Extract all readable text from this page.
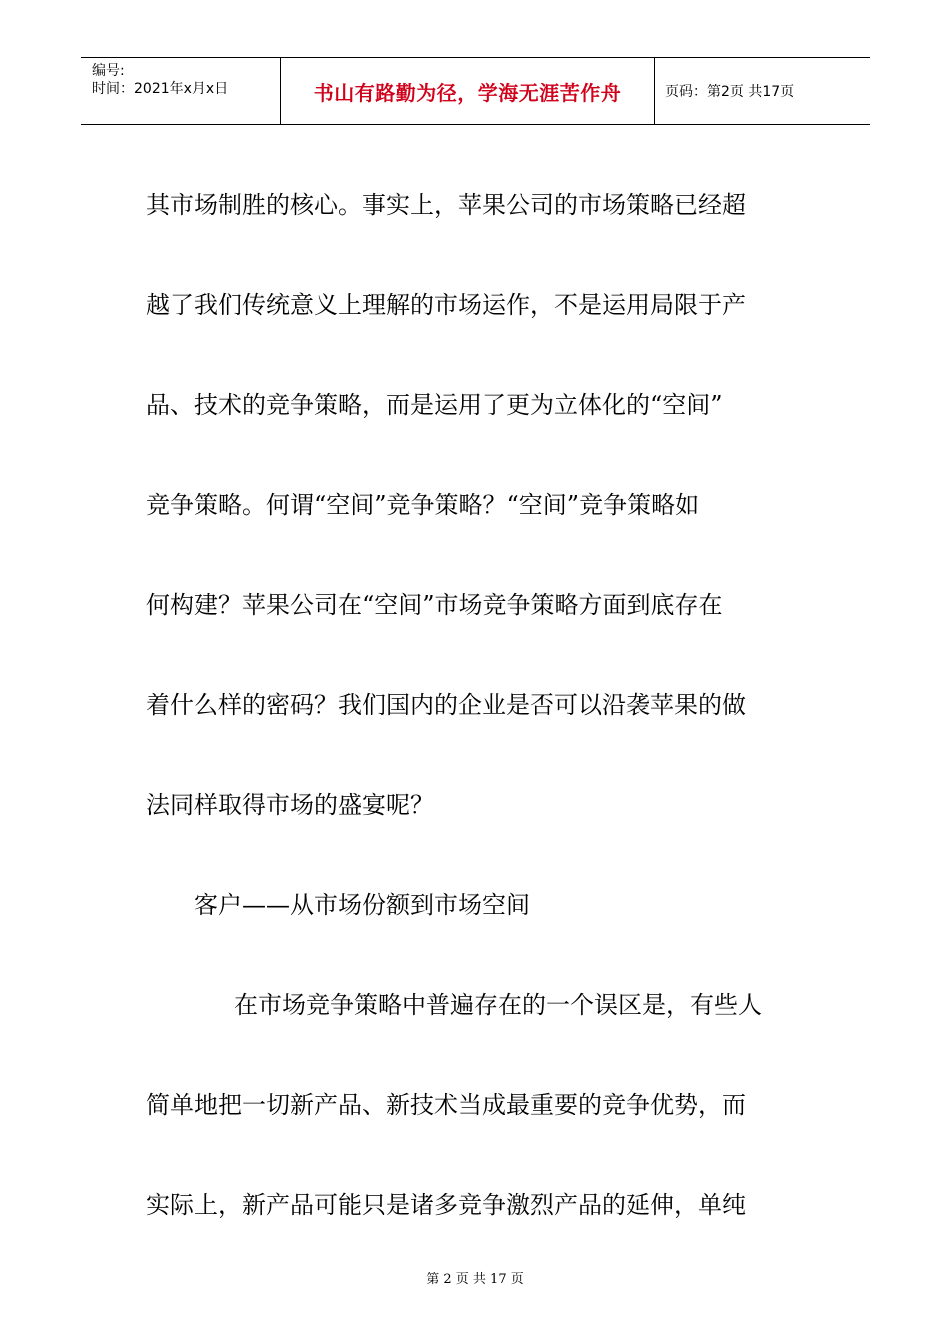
编号:
时间：2021年x月x日	书山有路勤为径，学海无涯苦作舟	页码：第2页 共17页

其市场制胜的核心。事实上，苹果公司的市场策略已经超
越了我们传统意义上理解的市场运作，不是运用局限于产
品、技术的竞争策略，而是运用了更为立体化的“空间”
竞争策略。何谓“空间”竞争策略？“空间”竞争策略如
何构建？苹果公司在“空间”市场竞争策略方面到底存在
着什么样的密码？我们国内的企业是否可以沿袭苹果的做
法同样取得市场的盛宴呢？

客户——从市场份额到市场空间

在市场竞争策略中普遍存在的一个误区是，有些人
简单地把一切新产品、新技术当成最重要的竞争优势，而
实际上，新产品可能只是诸多竞争激烈产品的延伸，单纯

第 2 页 共 17 页
